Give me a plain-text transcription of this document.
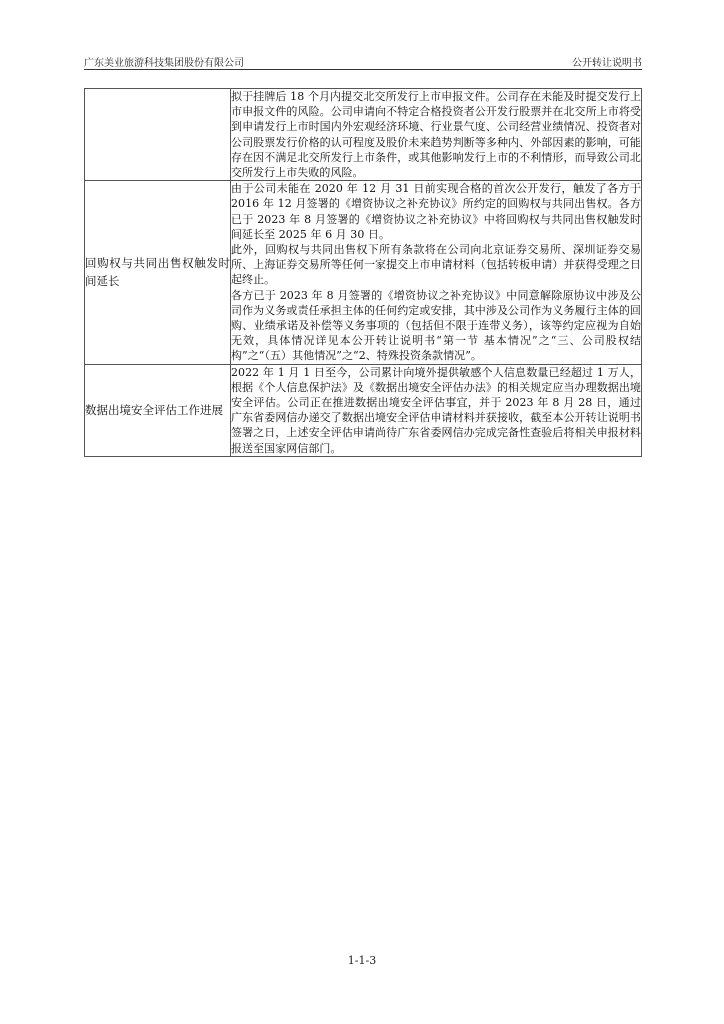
广东美业旅游科技集团股份有限公司	公开转让说明书

	拟于挂牌后 18 个月内提交北交所发行上市申报文件。公司存在未能及时提交发行上市申报文件的风险。公司申请向不特定合格投资者公开发行股票并在北交所上市将受到申请发行上市时国内外宏观经济环境、行业景气度、公司经营业绩情况、投资者对公司股票发行价格的认可程度及股价未来趋势判断等多种内、外部因素的影响，可能存在因不满足北交所发行上市条件，或其他影响发行上市的不利情形，而导致公司北交所发行上市失败的风险。

回购权与共同出售权触发时间延长	由于公司未能在 2020 年 12 月 31 日前实现合格的首次公开发行，触发了各方于 2016 年 12 月签署的《增资协议之补充协议》所约定的回购权与共同出售权。各方已于 2023 年 8 月签署的《增资协议之补充协议》中将回购权与共同出售权触发时间延长至 2025 年 6 月 30 日。

此外，回购权与共同出售权下所有条款将在公司向北京证券交易所、深圳证券交易所、上海证券交易所等任何一家提交上市申请材料（包括转板申请）并获得受理之日起终止。

各方已于 2023 年 8 月签署的《增资协议之补充协议》中同意解除原协议中涉及公司作为义务或责任承担主体的任何约定或安排，其中涉及公司作为义务履行主体的回购、业绩承诺及补偿等义务事项的（包括但不限于连带义务），该等约定应视为自始无效，具体情况详见本公开转让说明书“第一节 基本情况”之“三、公司股权结构”之“（五）其他情况”之“2、特殊投资条款情况”。

数据出境安全评估工作进展	2022 年 1 月 1 日至今，公司累计向境外提供敏感个人信息数量已经超过 1 万人，根据《个人信息保护法》及《数据出境安全评估办法》的相关规定应当办理数据出境安全评估。公司正在推进数据出境安全评估事宜，并于 2023 年 8 月 28 日，通过广东省委网信办递交了数据出境安全评估申请材料并获接收，截至本公开转让说明书签署之日，上述安全评估申请尚待广东省委网信办完成完备性查验后将相关申报材料报送至国家网信部门。

1-1-3
